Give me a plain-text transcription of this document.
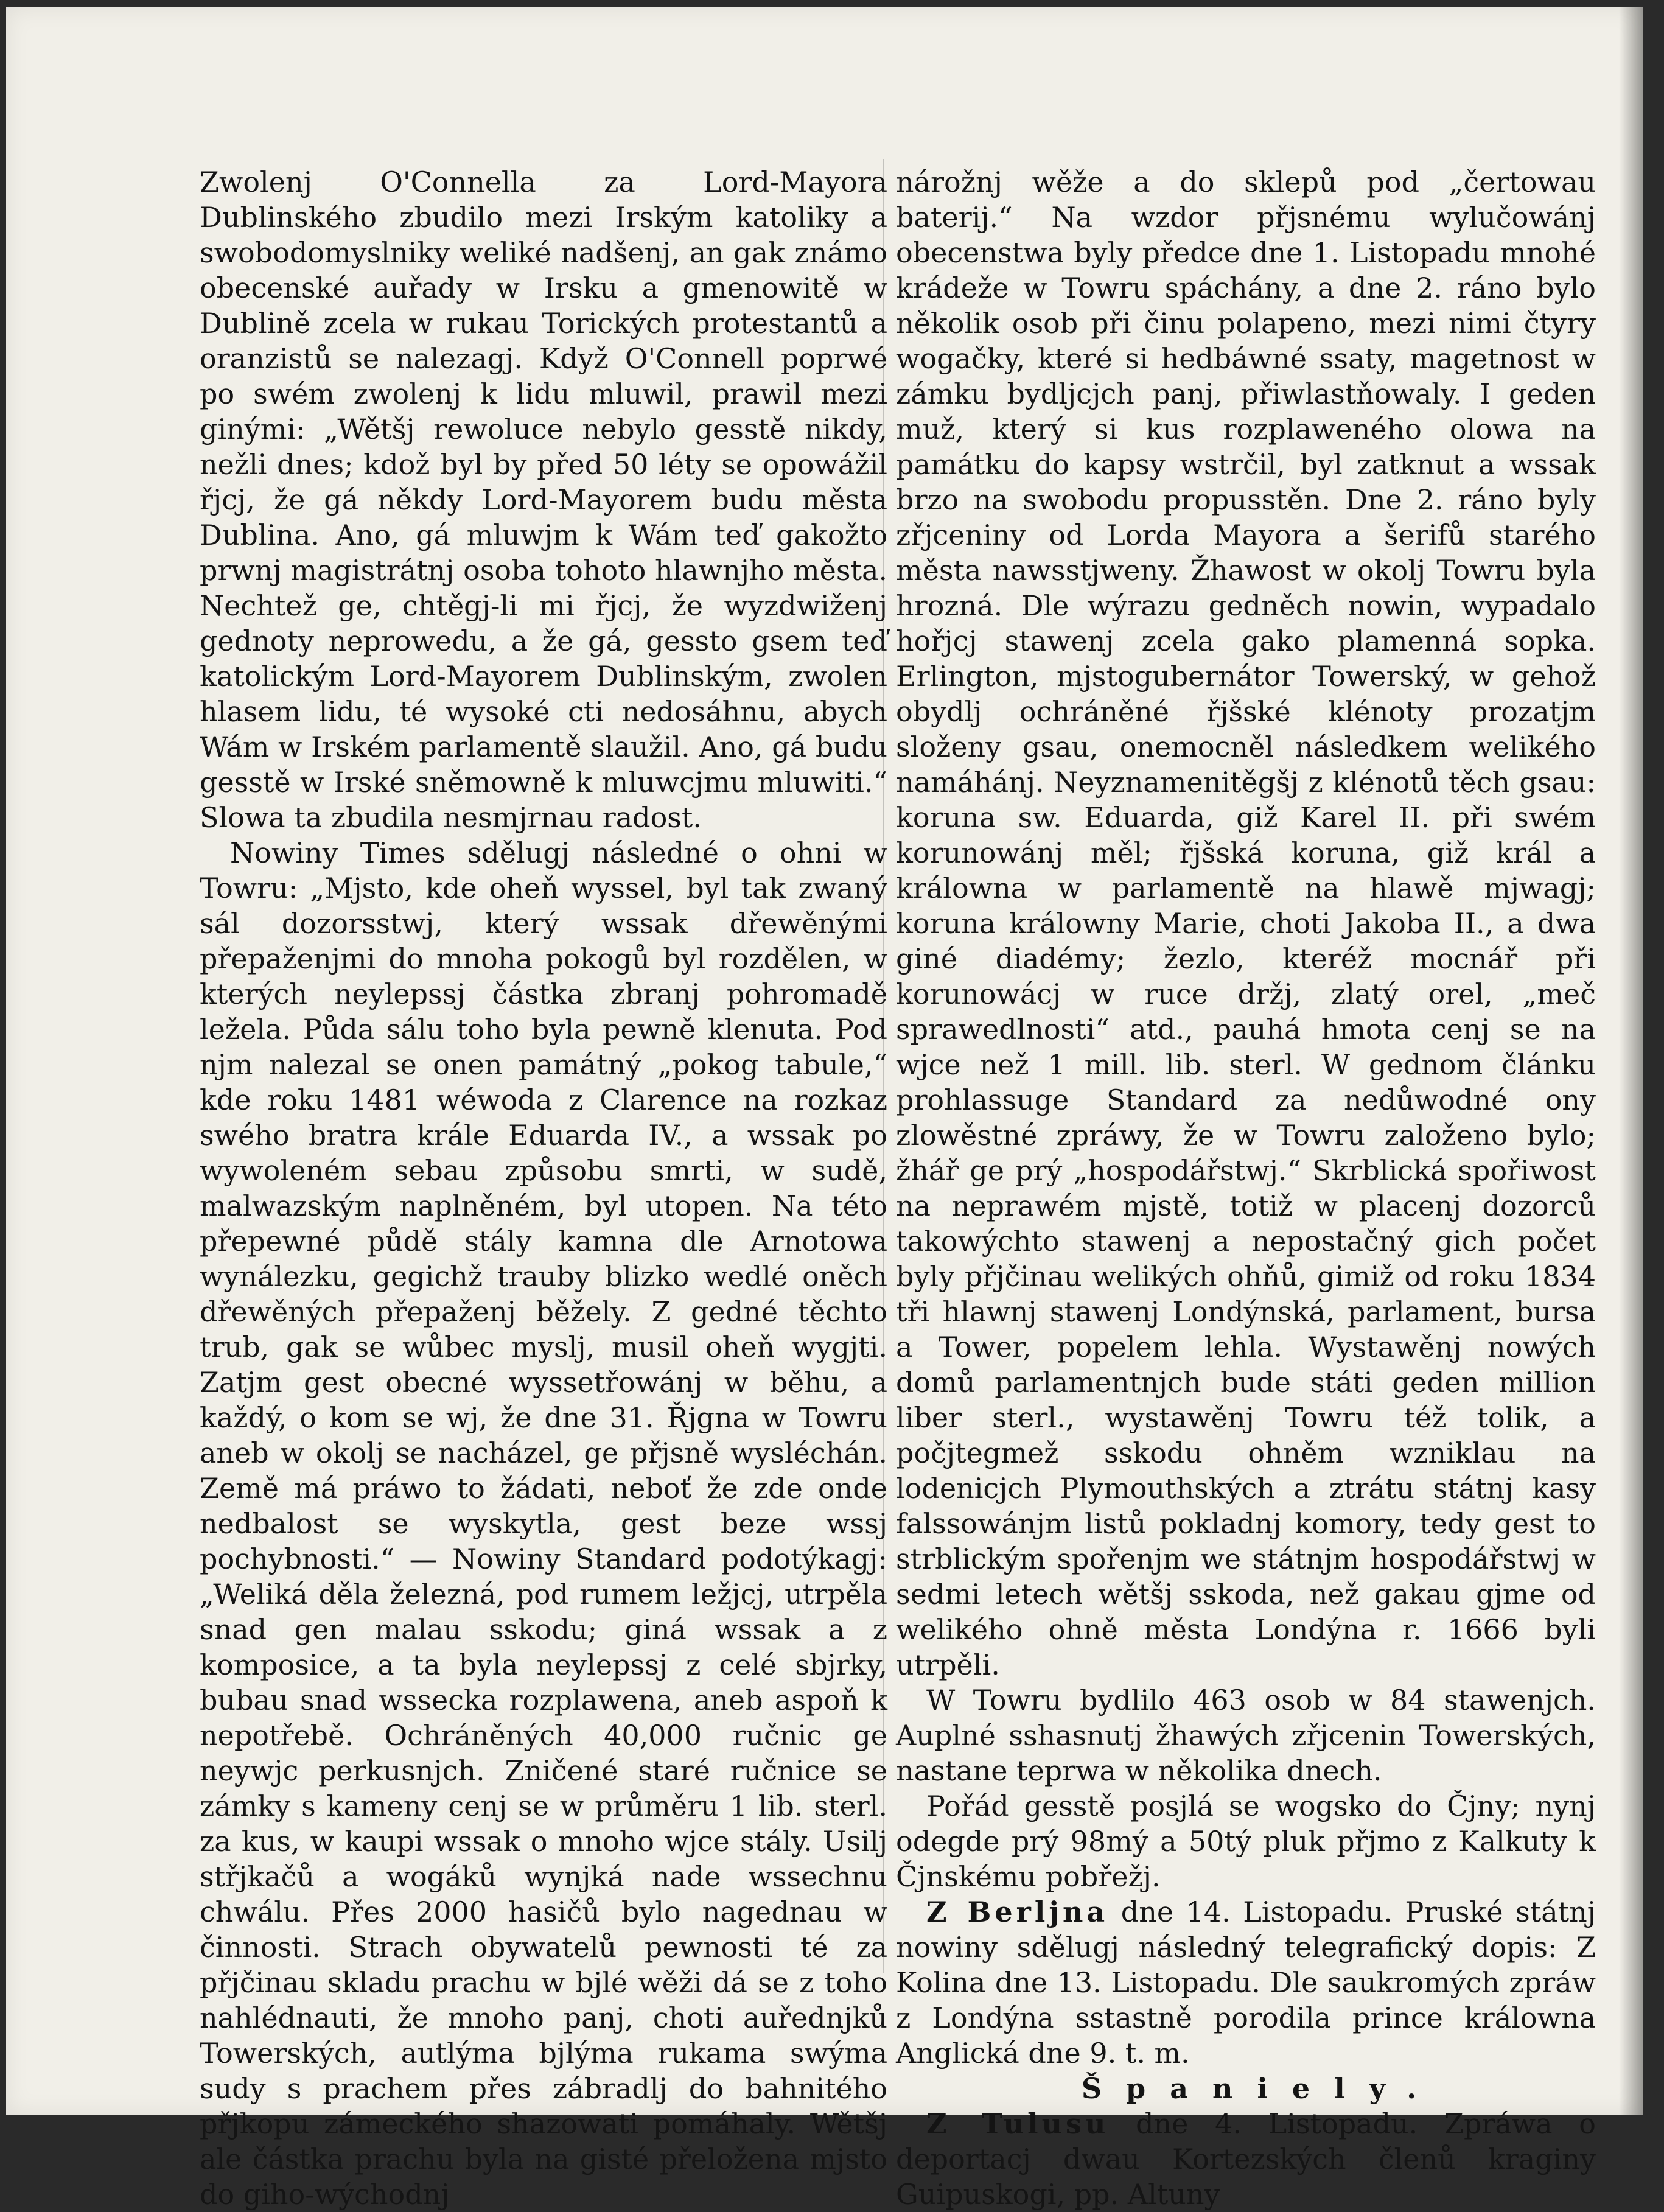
Zwolenj O'Connella za Lord-Mayora Dublinského zbudilo mezi Irským katoliky a swobodomyslniky weliké nadšenj, an gak známo obecenské auřady w Irsku a gmenowitě w Dublině zcela w rukau Torických protestantů a oranzistů se nalezagj. Když O'Connell poprwé po swém zwolenj k lidu mluwil, prawil mezi ginými: „Wětšj rewoluce nebylo gesstě nikdy, nežli dnes; kdož byl by před 50 léty se opowážil řjcj, že gá někdy Lord-Mayorem budu města Dublina. Ano, gá mluwjm k Wám teď gakožto prwnj magistrátnj osoba tohoto hlawnjho města. Nechtež ge, chtěgj-li mi řjcj, že wyzdwiženj gednoty neprowedu, a že gá, gessto gsem teď katolickým Lord-Mayorem Dublinským, zwolen hlasem lidu, té wysoké cti nedosáhnu, abych Wám w Irském parlamentě slaužil. Ano, gá budu gesstě w Irské sněmowně k mluwcjmu mluwiti.“ Slowa ta zbudila nesmjrnau radost.

Nowiny Times sdělugj následné o ohni w Towru: „Mjsto, kde oheň wyssel, byl tak zwaný sál dozorsstwj, který wssak dřewěnými přepaženjmi do mnoha pokogů byl rozdělen, w kterých neylepssj částka zbranj pohromadě ležela. Půda sálu toho byla pewně klenuta. Pod njm nalezal se onen památný „pokog tabule,“ kde roku 1481 wéwoda z Clarence na rozkaz swého bratra krále Eduarda IV., a wssak po wywoleném sebau způsobu smrti, w sudě, malwazským naplněném, byl utopen. Na této přepewné půdě stály kamna dle Arnotowa wynálezku, gegichž trauby blizko wedlé oněch dřewěných přepaženj běžely. Z gedné těchto trub, gak se wůbec myslj, musil oheň wygjti. Zatjm gest obecné wyssetřowánj w běhu, a každý, o kom se wj, že dne 31. Řjgna w Towru aneb w okolj se nacházel, ge přjsně wysléchán. Země má práwo to žádati, neboť že zde onde nedbalost se wyskytla, gest beze wssj pochybnosti.“ — Nowiny Standard podotýkagj: „Weliká děla železná, pod rumem ležjcj, utrpěla snad gen malau sskodu; giná wssak a z komposice, a ta byla neylepssj z celé sbjrky, bubau snad wssecka rozplawena, aneb aspoň k nepotřebě. Ochráněných 40,000 ručnic ge neywjc perkusnjch. Zničené staré ručnice se zámky s kameny cenj se w průměru 1 lib. sterl. za kus, w kaupi wssak o mnoho wjce stály. Usilj střjkačů a wogáků wynjká nade wssechnu chwálu. Přes 2000 hasičů bylo nagednau w činnosti. Strach obywatelů pewnosti té za přjčinau skladu prachu w bjlé wěži dá se z toho nahlédnauti, že mnoho panj, choti auřednjků Towerských, autlýma bjlýma rukama swýma sudy s prachem přes zábradlj do bahnitého přjkopu zámeckého shazowati pomáhaly. Wětšj ale částka prachu byla na gisté přeložena mjsto do giho-wýchodnj

nárožnj wěže a do sklepů pod „čertowau baterij.“ Na wzdor přjsnému wylučowánj obecenstwa byly předce dne 1. Listopadu mnohé krádeže w Towru spáchány, a dne 2. ráno bylo několik osob při činu polapeno, mezi nimi čtyry wogačky, které si hedbáwné ssaty, magetnost w zámku bydljcjch panj, přiwlastňowaly. I geden muž, který si kus rozplaweného olowa na památku do kapsy wstrčil, byl zatknut a wssak brzo na swobodu propusstěn. Dne 2. ráno byly zřjceniny od Lorda Mayora a šerifů starého města nawsstjweny. Žhawost w okolj Towru byla hrozná. Dle wýrazu gedněch nowin, wypadalo hořjcj stawenj zcela gako plamenná sopka. Erlington, mjstogubernátor Towerský, w gehož obydlj ochráněné řjšské klénoty prozatjm složeny gsau, onemocněl následkem welikého namáhánj. Neyznamenitěgšj z klénotů těch gsau: koruna sw. Eduarda, giž Karel II. při swém korunowánj měl; řjšská koruna, giž král a králowna w parlamentě na hlawě mjwagj; koruna králowny Marie, choti Jakoba II., a dwa giné diadémy; žezlo, kteréž mocnář při korunowácj w ruce držj, zlatý orel, „meč sprawedlnosti“ atd., pauhá hmota cenj se na wjce než 1 mill. lib. sterl. W gednom článku prohlassuge Standard za nedůwodné ony zlowěstné zpráwy, že w Towru založeno bylo; žhář ge prý „hospodářstwj.“ Skrblická spořiwost na neprawém mjstě, totiž w placenj dozorců takowýchto stawenj a nepostačný gich počet byly přjčinau welikých ohňů, gimiž od roku 1834 tři hlawnj stawenj Londýnská, parlament, bursa a Tower, popelem lehla. Wystawěnj nowých domů parlamentnjch bude státi geden million liber sterl., wystawěnj Towru též tolik, a počjtegmež sskodu ohněm wzniklau na lodenicjch Plymouthských a ztrátu státnj kasy falssowánjm listů pokladnj komory, tedy gest to strblickým spořenjm we státnjm hospodářstwj w sedmi letech wětšj sskoda, než gakau gjme od welikého ohně města Londýna r. 1666 byli utrpěli.

W Towru bydlilo 463 osob w 84 stawenjch. Auplné sshasnutj žhawých zřjcenin Towerských, nastane teprwa w několika dnech.

Pořád gesstě posjlá se wogsko do Čjny; nynj odegde prý 98mý a 50tý pluk přjmo z Kalkuty k Čjnskému pobřežj.

Z Berljna dne 14. Listopadu. Pruské státnj nowiny sdělugj následný telegrafický dopis: Z Kolina dne 13. Listopadu. Dle saukromých zpráw z Londýna sstastně porodila prince králowna Anglická dne 9. t. m.

Španiely.

Z Tulusu dne 4. Listopadu. Zpráwa o deportacj dwau Kortezských členů kraginy Guipuskogi, pp. Altuny
